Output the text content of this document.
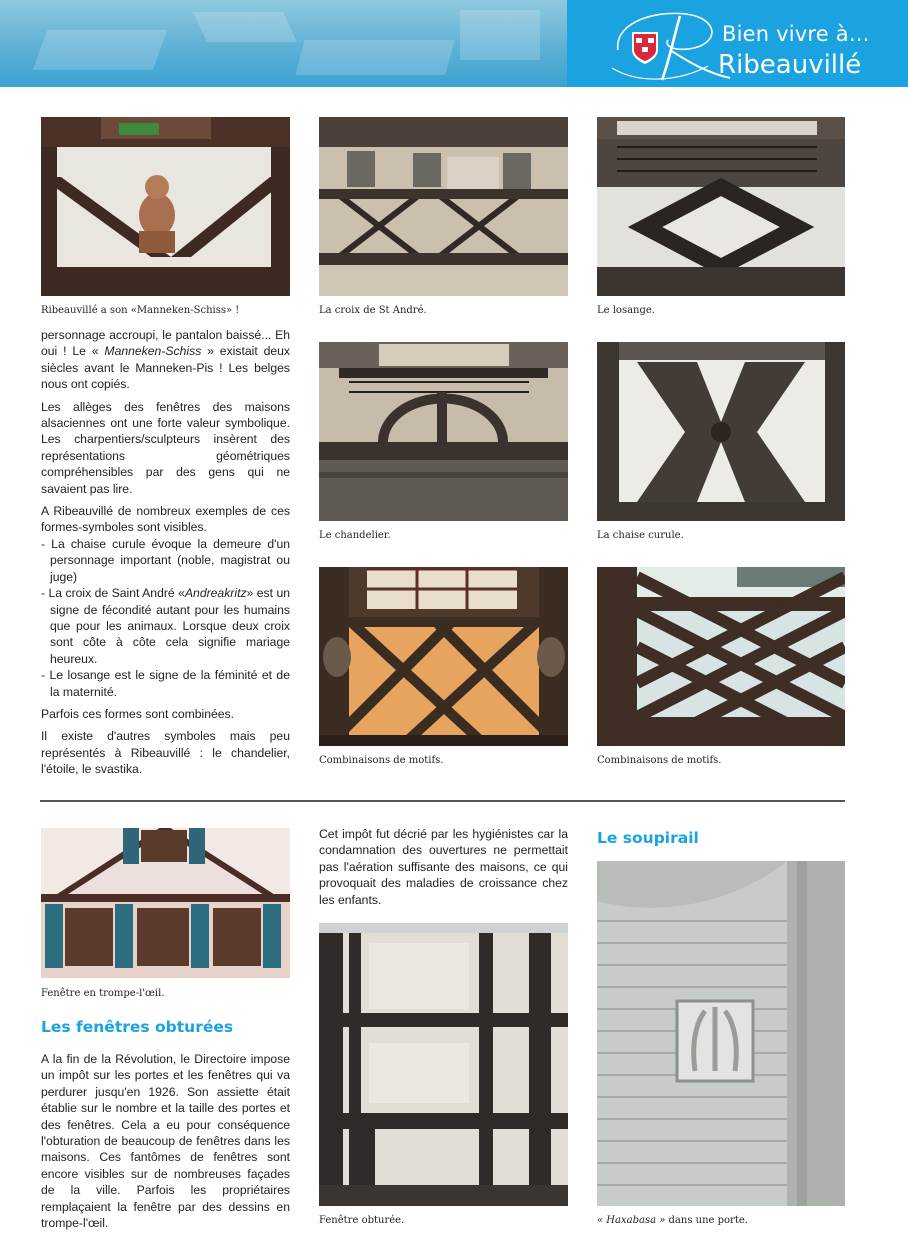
Bien vivre à...
Ribeauvillé
Ribeauvillé a son «Manneken-Schiss» !	La croix de St André.	Le losange.
Le chandelier.	La chaise curule.
Combinaisons de motifs.	Combinaisons de motifs.

personnage accroupi, le pantalon baissé... Eh oui ! Le « Manneken-Schiss » existait deux siècles avant le Manneken-Pis ! Les belges nous ont copiés.

Les allèges des fenêtres des maisons alsaciennes ont une forte valeur symbolique. Les charpentiers/sculpteurs insèrent des représentations géométriques compréhensibles par des gens qui ne savaient pas lire.

A Ribeauvillé de nombreux exemples de ces formes-symboles sont visibles.

- La chaise curule évoque la demeure d'un personnage important (noble, magistrat ou juge)
- La croix de Saint André «Andreakritz» est un signe de fécondité autant pour les humains que pour les animaux. Lorsque deux croix sont côte à côte cela signifie mariage heureux.
- Le losange est le signe de la féminité et de la maternité.

Parfois ces formes sont combinées.

Il existe d'autres symboles mais peu représentés à Ribeauvillé : le chandelier, l'étoile, le svastika.

Fenêtre en trompe-l'œil.
Les fenêtres obturées

A la fin de la Révolution, le Directoire impose un impôt sur les portes et les fenêtres qui va perdurer jusqu'en 1926. Son assiette était établie sur le nombre et la taille des portes et des fenêtres. Cela a eu pour conséquence l'obturation de beaucoup de fenêtres dans les maisons. Ces fantômes de fenêtres sont encore visibles sur de nombreuses façades de la ville. Parfois les propriétaires remplaçaient la fenêtre par des dessins en trompe-l'œil.

Cet impôt fut décrié par les hygiénistes car la condamnation des ouvertures ne permettait pas l'aération suffisante des maisons, ce qui provoquait des maladies de croissance chez les enfants.

Fenêtre obturée.
Le soupirail
« Haxabasa » dans une porte.
